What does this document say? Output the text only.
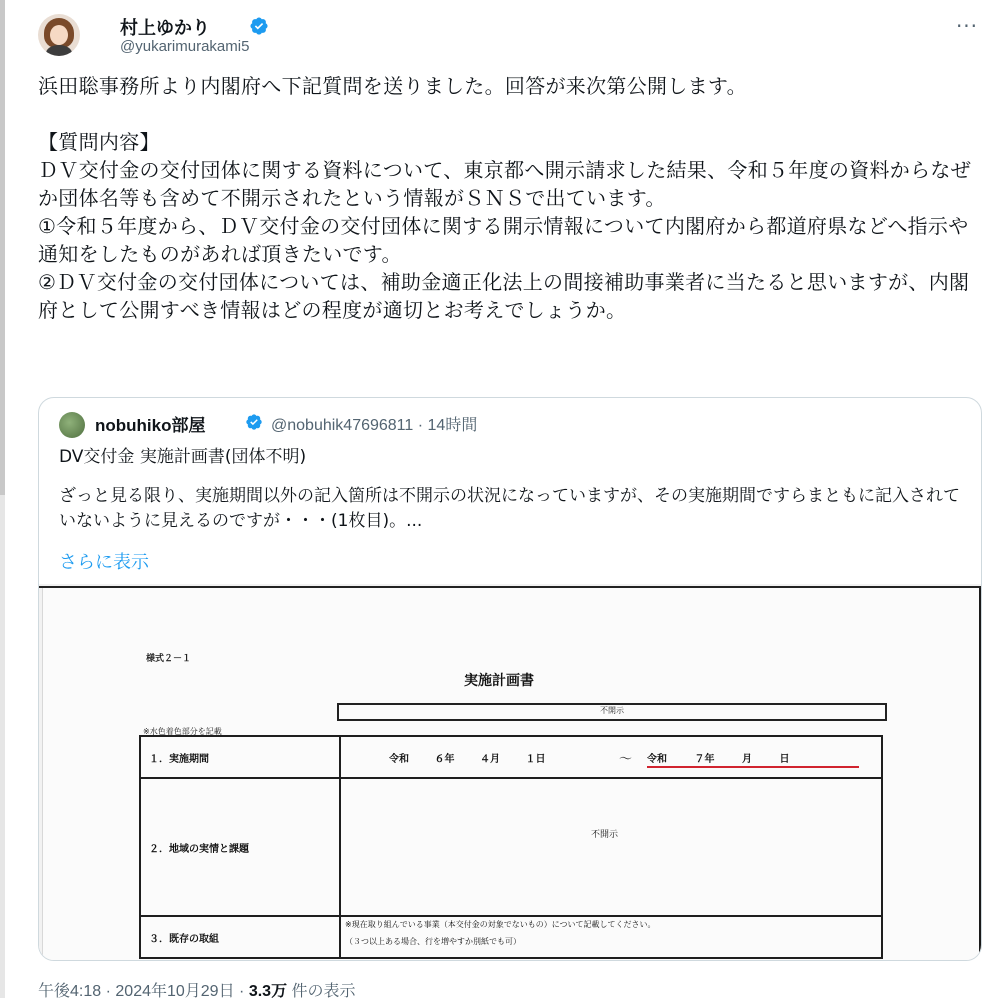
村上ゆかり
@yukarimurakami5
···
浜田聡事務所より内閣府へ下記質問を送りました。回答が来次第公開します。

【質問内容】
ＤＶ交付金の交付団体に関する資料について、東京都へ開示請求した結果、令和５年度の資料からなぜか団体名等も含めて不開示されたという情報がＳＮＳで出ています。
①令和５年度から、ＤＶ交付金の交付団体に関する開示情報について内閣府から都道府県などへ指示や通知をしたものがあれば頂きたいです。
②ＤＶ交付金の交付団体については、補助金適正化法上の間接補助事業者に当たると思いますが、内閣府として公開すべき情報はどの程度が適切とお考えでしょうか。
nobuhiko部屋	@nobuhik47696811 · 14時間
DV交付金 実施計画書(団体不明)
ざっと見る限り、実施期間以外の記入箇所は不開示の状況になっていますが、その実施期間ですらまともに記入されていないように見えるのですが・・・(1枚目)。...
さらに表示
様式２－１
実施計画書
不開示
※水色着色部分を記載
１．実施期間	令和 ６年 ４月 １日 ～ 令和 ７年 月 日

２．地域の実情と課題	不開示

３．既存の取組	※現在取り組んでいる事業（本交付金の対象でないもの）について記載してください。
（３つ以上ある場合、行を増やすか別紙でも可）
午後4:18 · 2024年10月29日 · 3.3万 件の表示
